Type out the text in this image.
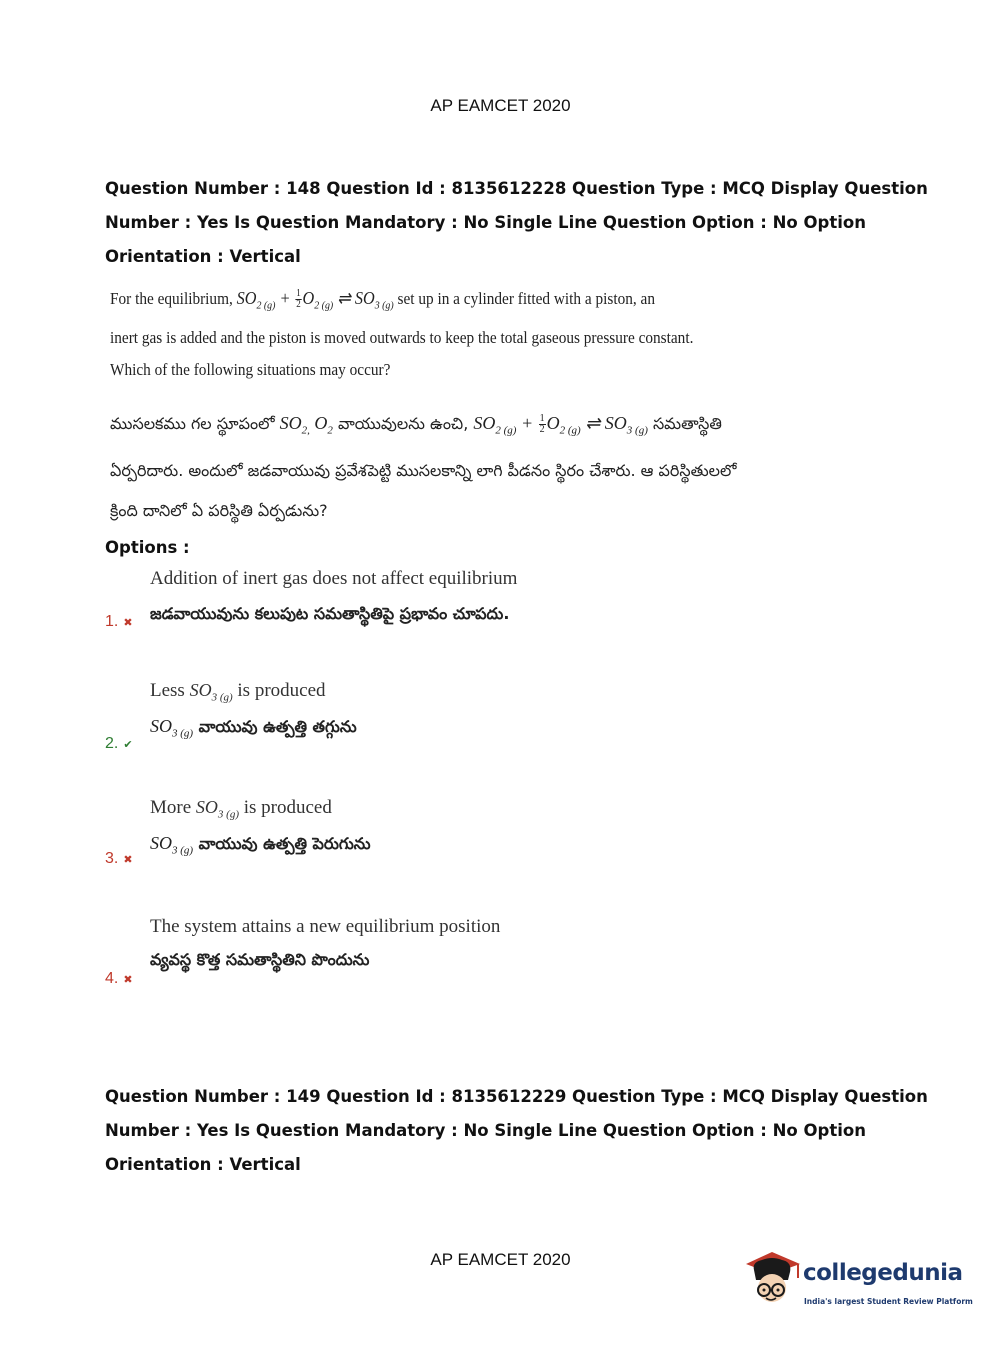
AP EAMCET 2020
Question Number : 148 Question Id : 8135612228 Question Type : MCQ Display Question
Number : Yes Is Question Mandatory : No Single Line Question Option : No Option
Orientation : Vertical
For the equilibrium, $SO_{2 (g)} + \frac{1}{2} O_{2 (g)}$ ⇌ $SO_{3 (g)}$ set up in a cylinder fitted with a piston, an
inert gas is added and the piston is moved outwards to keep the total gaseous pressure constant.
Which of the following situations may occur?
ముసలకము గల స్థూపంలో $SO_{2,}$ $O_2$ వాయువులను ఉంచి, $SO_{2 (g)} + \frac{1}{2} O_{2 (g)}$ ⇌ $SO_{3 (g)}$ సమతాస్థితి
ఏర్పరిదారు. అందులో జడవాయువు ప్రవేశపెట్టి ముసలకాన్ని లాగి పీడనం స్థిరం చేశారు. ఆ పరిస్థితులలో
క్రింది దానిలో ఏ పరిస్థితి ఏర్పడును?
Options :
Addition of inert gas does not affect equilibrium
జడవాయువును కలుపుట సమతాస్థితిపై ప్రభావం చూపదు.
1. ✖
Less $SO_{3 (g)}$ is produced
$SO_{3 (g)}$ వాయువు ఉత్పత్తి తగ్గును
2. ✔
More $SO_{3 (g)}$ is produced
$SO_{3 (g)}$ వాయువు ఉత్పత్తి పెరుగును
3. ✖
The system attains a new equilibrium position
వ్యవస్థ కొత్త సమతాస్థితిని పొందును
4. ✖
Question Number : 149 Question Id : 8135612229 Question Type : MCQ Display Question
Number : Yes Is Question Mandatory : No Single Line Question Option : No Option
Orientation : Vertical
AP EAMCET 2020
collegedunia
India's largest Student Review Platform
